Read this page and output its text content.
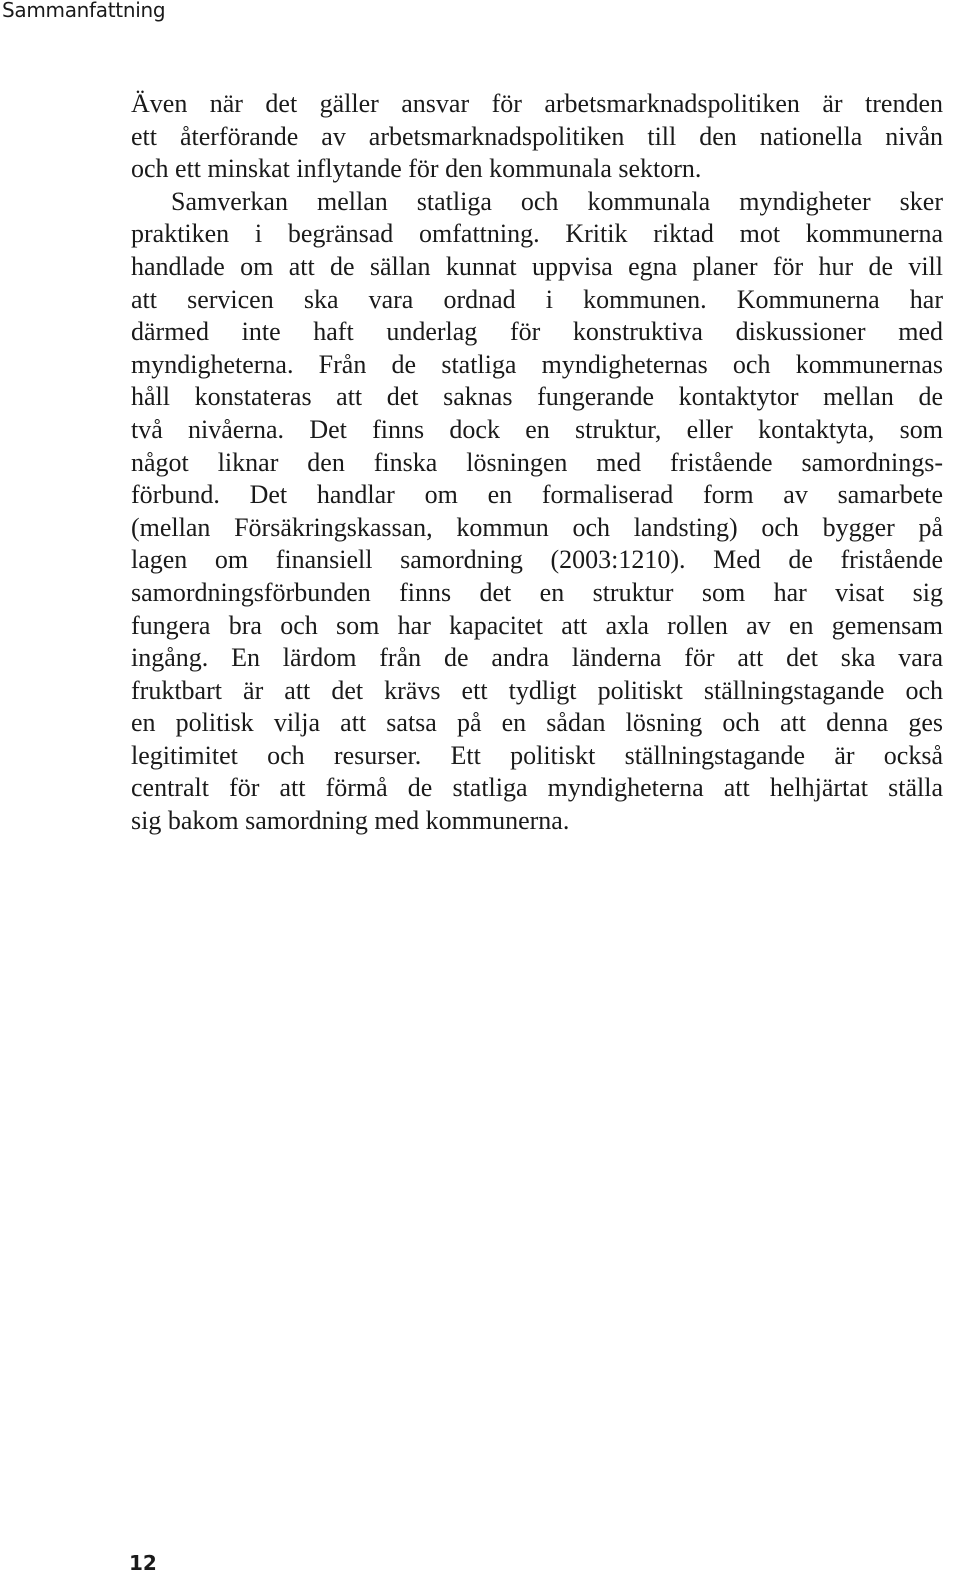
Sammanfattning

Även när det gäller ansvar för arbetsmarknadspolitiken är trenden
ett återförande av arbetsmarknadspolitiken till den nationella nivån
och ett minskat inflytande för den kommunala sektorn.
Samverkan mellan statliga och kommunala myndigheter sker
praktiken i begränsad omfattning. Kritik riktad mot kommunerna
handlade om att de sällan kunnat uppvisa egna planer för hur de vill
att servicen ska vara ordnad i kommunen. Kommunerna har
därmed inte haft underlag för konstruktiva diskussioner med
myndigheterna. Från de statliga myndigheternas och kommunernas
håll konstateras att det saknas fungerande kontaktytor mellan de
två nivåerna. Det finns dock en struktur, eller kontaktyta, som
något liknar den finska lösningen med fristående samordnings-
förbund. Det handlar om en formaliserad form av samarbete
(mellan Försäkringskassan, kommun och landsting) och bygger på
lagen om finansiell samordning (2003:1210). Med de fristående
samordningsförbunden finns det en struktur som har visat sig
fungera bra och som har kapacitet att axla rollen av en gemensam
ingång. En lärdom från de andra länderna för att det ska vara
fruktbart är att det krävs ett tydligt politiskt ställningstagande och
en politisk vilja att satsa på en sådan lösning och att denna ges
legitimitet och resurser. Ett politiskt ställningstagande är också
centralt för att förmå de statliga myndigheterna att helhjärtat ställa
sig bakom samordning med kommunerna.

12
